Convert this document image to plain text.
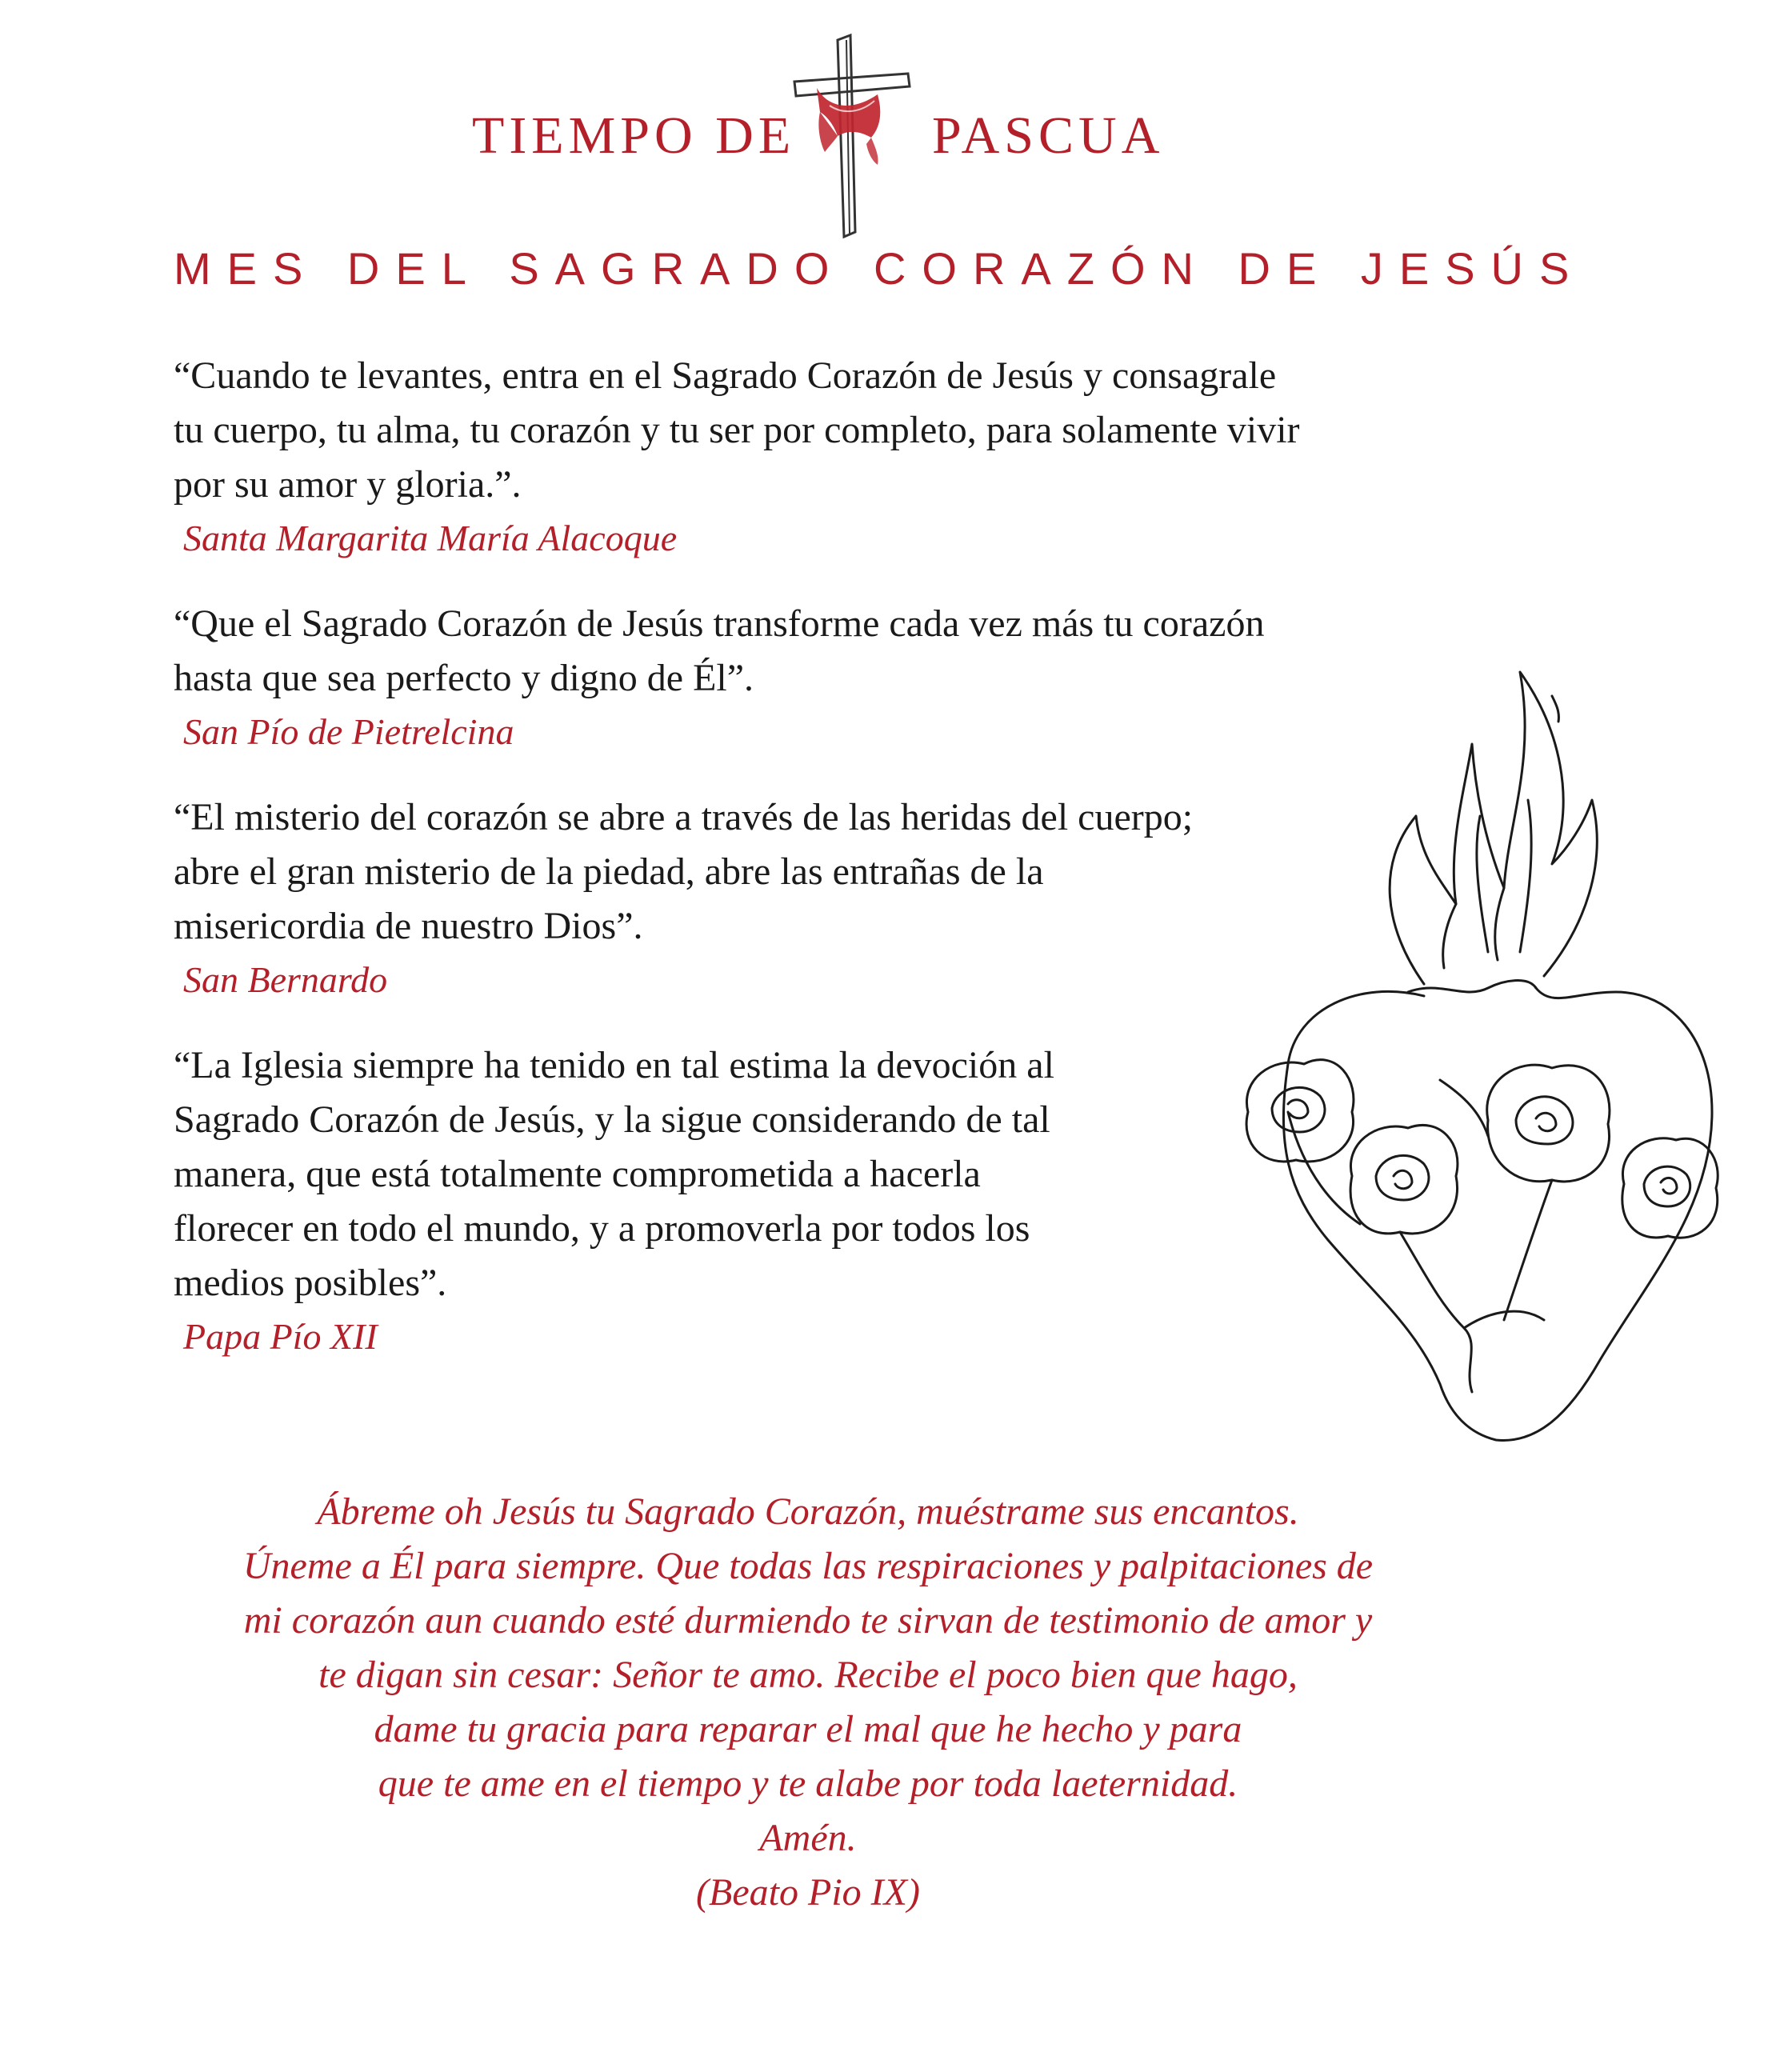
TIEMPO DE	PASCUA
MES DEL SAGRADO CORAZÓN DE JESÚS

“Cuando te levantes, entra en el Sagrado Corazón de Jesús y consagrale
tu cuerpo, tu alma, tu corazón y tu ser por completo, para solamente vivir
por su amor y gloria.”.

Santa Margarita María Alacoque

“Que el Sagrado Corazón de Jesús transforme cada vez más tu corazón
hasta que sea perfecto y digno de Él”.

San Pío de Pietrelcina

“El misterio del corazón se abre a través de las heridas del cuerpo;
abre el gran misterio de la piedad, abre las entrañas de la
misericordia de nuestro Dios”.

San Bernardo

“La Iglesia siempre ha tenido en tal estima la devoción al
Sagrado Corazón de Jesús, y la sigue considerando de tal
manera, que está totalmente comprometida a hacerla
florecer en todo el mundo, y a promoverla por todos los
medios posibles”.

Papa Pío XII

Ábreme oh Jesús tu Sagrado Corazón, muéstrame sus encantos.
Úneme a Él para siempre. Que todas las respiraciones y palpitaciones de
mi corazón aun cuando esté durmiendo te sirvan de testimonio de amor y
te digan sin cesar: Señor te amo. Recibe el poco bien que hago,
dame tu gracia para reparar el mal que he hecho y para
que te ame en el tiempo y te alabe por toda laeternidad.
Amén.
(Beato Pio IX)
